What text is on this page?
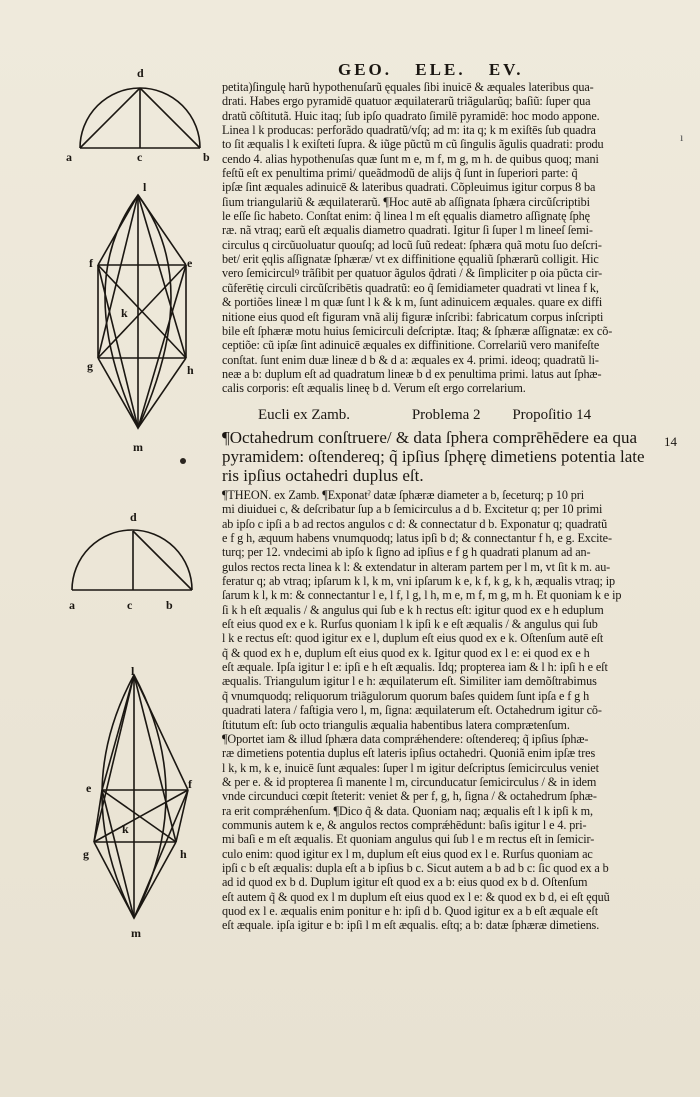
d
a	c	b
l
f	e
k
g	h
m
d
a	c	b
l
e	f
k
g	h
m
ı
GEO. ELE. EV.
petita)ſingulę harũ hypothenuſarũ ęquales ſibi inuicē & æquales lateribus qua-
drati. Habes ergo pyramidē quatuor æquilaterarũ triãgularũq; baſiũ: ſuper qua
dratũ cõſtitutã. Huic itaq; ſub ipſo quadrato ſimilē pyramidē: hoc modo appone.
Linea l k producas: perforãdo quadratũ/vſq; ad m: ita q; k m exiſtēs ſub quadra
to ſit æqualis l k exiſteti ſupra. & iũge pũctũ m cũ ſingulis ãgulis quadrati: produ
cendo 4. alias hypothenuſas quæ ſunt m e, m f, m g, m h. de quibus quoq; mani
feſtũ eſt ex penultima primi/ queãdmodũ de alijs q̃ ſunt in ſuperiori parte: q̃
ipſæ ſint æquales adinuicē & lateribus quadrati. Cõpleuimus igitur corpus 8 ba
ſium triangulariũ & æquilaterarũ. ¶Hoc autē ab aſſignata ſphæra circũſcriptibi
le eſſe ſic habeto. Conſtat enim: q̃ linea l m eſt ęqualis diametro aſſignatę ſphę
ræ. nã vtraq; earũ eſt æqualis diametro quadrati. Igitur ſi ſuper l m lineeſ ſemi-
circulus q circũuoluatur quouſq; ad locũ ſuũ redeat: ſphæra quã motu ſuo deſcri-
bet/ erit ęqlis aſſignatæ ſphæræ/ vt ex diffinitione ęqualiũ ſphærarũ colligit. Hic
vero ſemicirculꝰ trãſibit per quatuor ãgulos q̃drati / & ſimpliciter p oia pũcta cir-
cũferētię circuli circũſcribētis quadratũ: eo q̃ ſemidiameter quadrati vt linea f k,
& portiões lineæ l m quæ ſunt l k & k m, ſunt adinuicem æquales. quare ex diffi
nitione eius quod eſt figuram vnã alij figuræ inſcribi: fabricatum corpus inſcripti
bile eſt ſphæræ motu huius ſemicirculi deſcriptæ. Itaq; & ſphæræ aſſignatæ: ex cõ-
ceptiõe: cũ ipſæ ſint adinuicē æquales ex diffinitione. Correlariũ vero manifeſte
conſtat. ſunt enim duæ lineæ d b & d a: æquales ex 4. primi. ideoq; quadratũ li-
neæ a b: duplum eſt ad quadratum lineæ b d ex penultima primi. latus aut ſphæ-
calis corporis: eſt æqualis lineę b d. Verum eſt ergo correlarium.
Eucli ex Zamb.	Problema 2 Propoſitio 14
14
¶Octahedrum conſtruere/ & data ſphera comprēhēdere ea qua
pyramidem: oſtendereq; q̃ ipſius ſphęrę dimetiens potentia late
ris ipſius octahedri duplus eſt.
¶THEON. ex Zamb. ¶Exponatˀ datæ ſphæræ diameter a b, ſeceturq; p 10 pri
mi diuiduei c, & deſcribatur ſup a b ſemicirculus a d b. Excitetur q; per 10 primi
ab ipſo c ipſi a b ad rectos angulos c d: & connectatur d b. Exponatur q; quadratũ
e f g h, æquum habens vnumquodq; latus ipſi b d; & connectantur f h, e g. Excite-
turq; per 12. vndecimi ab ipſo k ſigno ad ipſius e f g h quadrati planum ad an-
gulos rectos recta linea k l: & extendatur in alteram partem per l m, vt ſit k m. au-
feratur q; ab vtraq; ipſarum k l, k m, vni ipſarum k e, k f, k g, k h, æqualis vtraq; ip
ſarum k l, k m: & connectantur l e, l f, l g, l h, m e, m f, m g, m h. Et quoniam k e ip
ſi k h eſt æqualis / & angulus qui ſub e k h rectus eſt: igitur quod ex e h eduplum
eſt eius quod ex e k. Rurſus quoniam l k ipſi k e eſt æqualis / & angulus qui ſub
l k e rectus eſt: quod igitur ex e l, duplum eſt eius quod ex e k. Oſtenſum autē eſt
q̃ & quod ex h e, duplum eſt eius quod ex k. Igitur quod ex l e: ei quod ex e h
eſt æquale. Ipſa igitur l e: ipſi e h eſt æqualis. Idq; propterea iam & l h: ipſi h e eſt
æqualis. Triangulum igitur l e h: æquilaterum eſt. Similiter iam demõſtrabimus
q̃ vnumquodq; reliquorum triãgulorum quorum baſes quidem ſunt ipſa e f g h
quadrati latera / faſtigia vero l, m, ſigna: æquilaterum eſt. Octahedrum igitur cõ-
ſtitutum eſt: ſub octo triangulis æqualia habentibus latera comprætenſum.
¶Oportet iam & illud ſphæra data comprǽhendere: oſtendereq; q̃ ipſius ſphæ-
ræ dimetiens potentia duplus eſt lateris ipſius octahedri. Quoniã enim ipſæ tres
l k, k m, k e, inuicē ſunt æquales: ſuper l m igitur deſcriptus ſemicirculus veniet
& per e. & id propterea ſi manente l m, circunducatur ſemicirculus / & in idem
vnde circunduci cœpit ſteterit: veniet & per f, g, h, ſigna / & octahedrum ſphæ-
ra erit comprǽhenſum. ¶Dico q̃ & data. Quoniam naq; æqualis eſt l k ipſi k m,
communis autem k e, & angulos rectos comprǽhēdunt: baſis igitur l e 4. pri-
mi baſi e m eſt æqualis. Et quoniam angulus qui ſub l e m rectus eſt in ſemicir-
culo enim: quod igitur ex l m, duplum eſt eius quod ex l e. Rurſus quoniam ac
ipſi c b eſt æqualis: dupla eſt a b ipſius b c. Sicut autem a b ad b c: ſic quod ex a b
ad id quod ex b d. Duplum igitur eſt quod ex a b: eius quod ex b d. Oſtenſum
eſt autem q̃ & quod ex l m duplum eſt eius quod ex l e: & quod ex b d, ei eſt ęquũ
quod ex l e. æqualis enim ponitur e h: ipſi d b. Quod igitur ex a b eſt æquale eſt
eſt æquale. ipſa igitur e b: ipſi l m eſt æqualis. eſtq; a b: datæ ſphæræ dimetiens.
